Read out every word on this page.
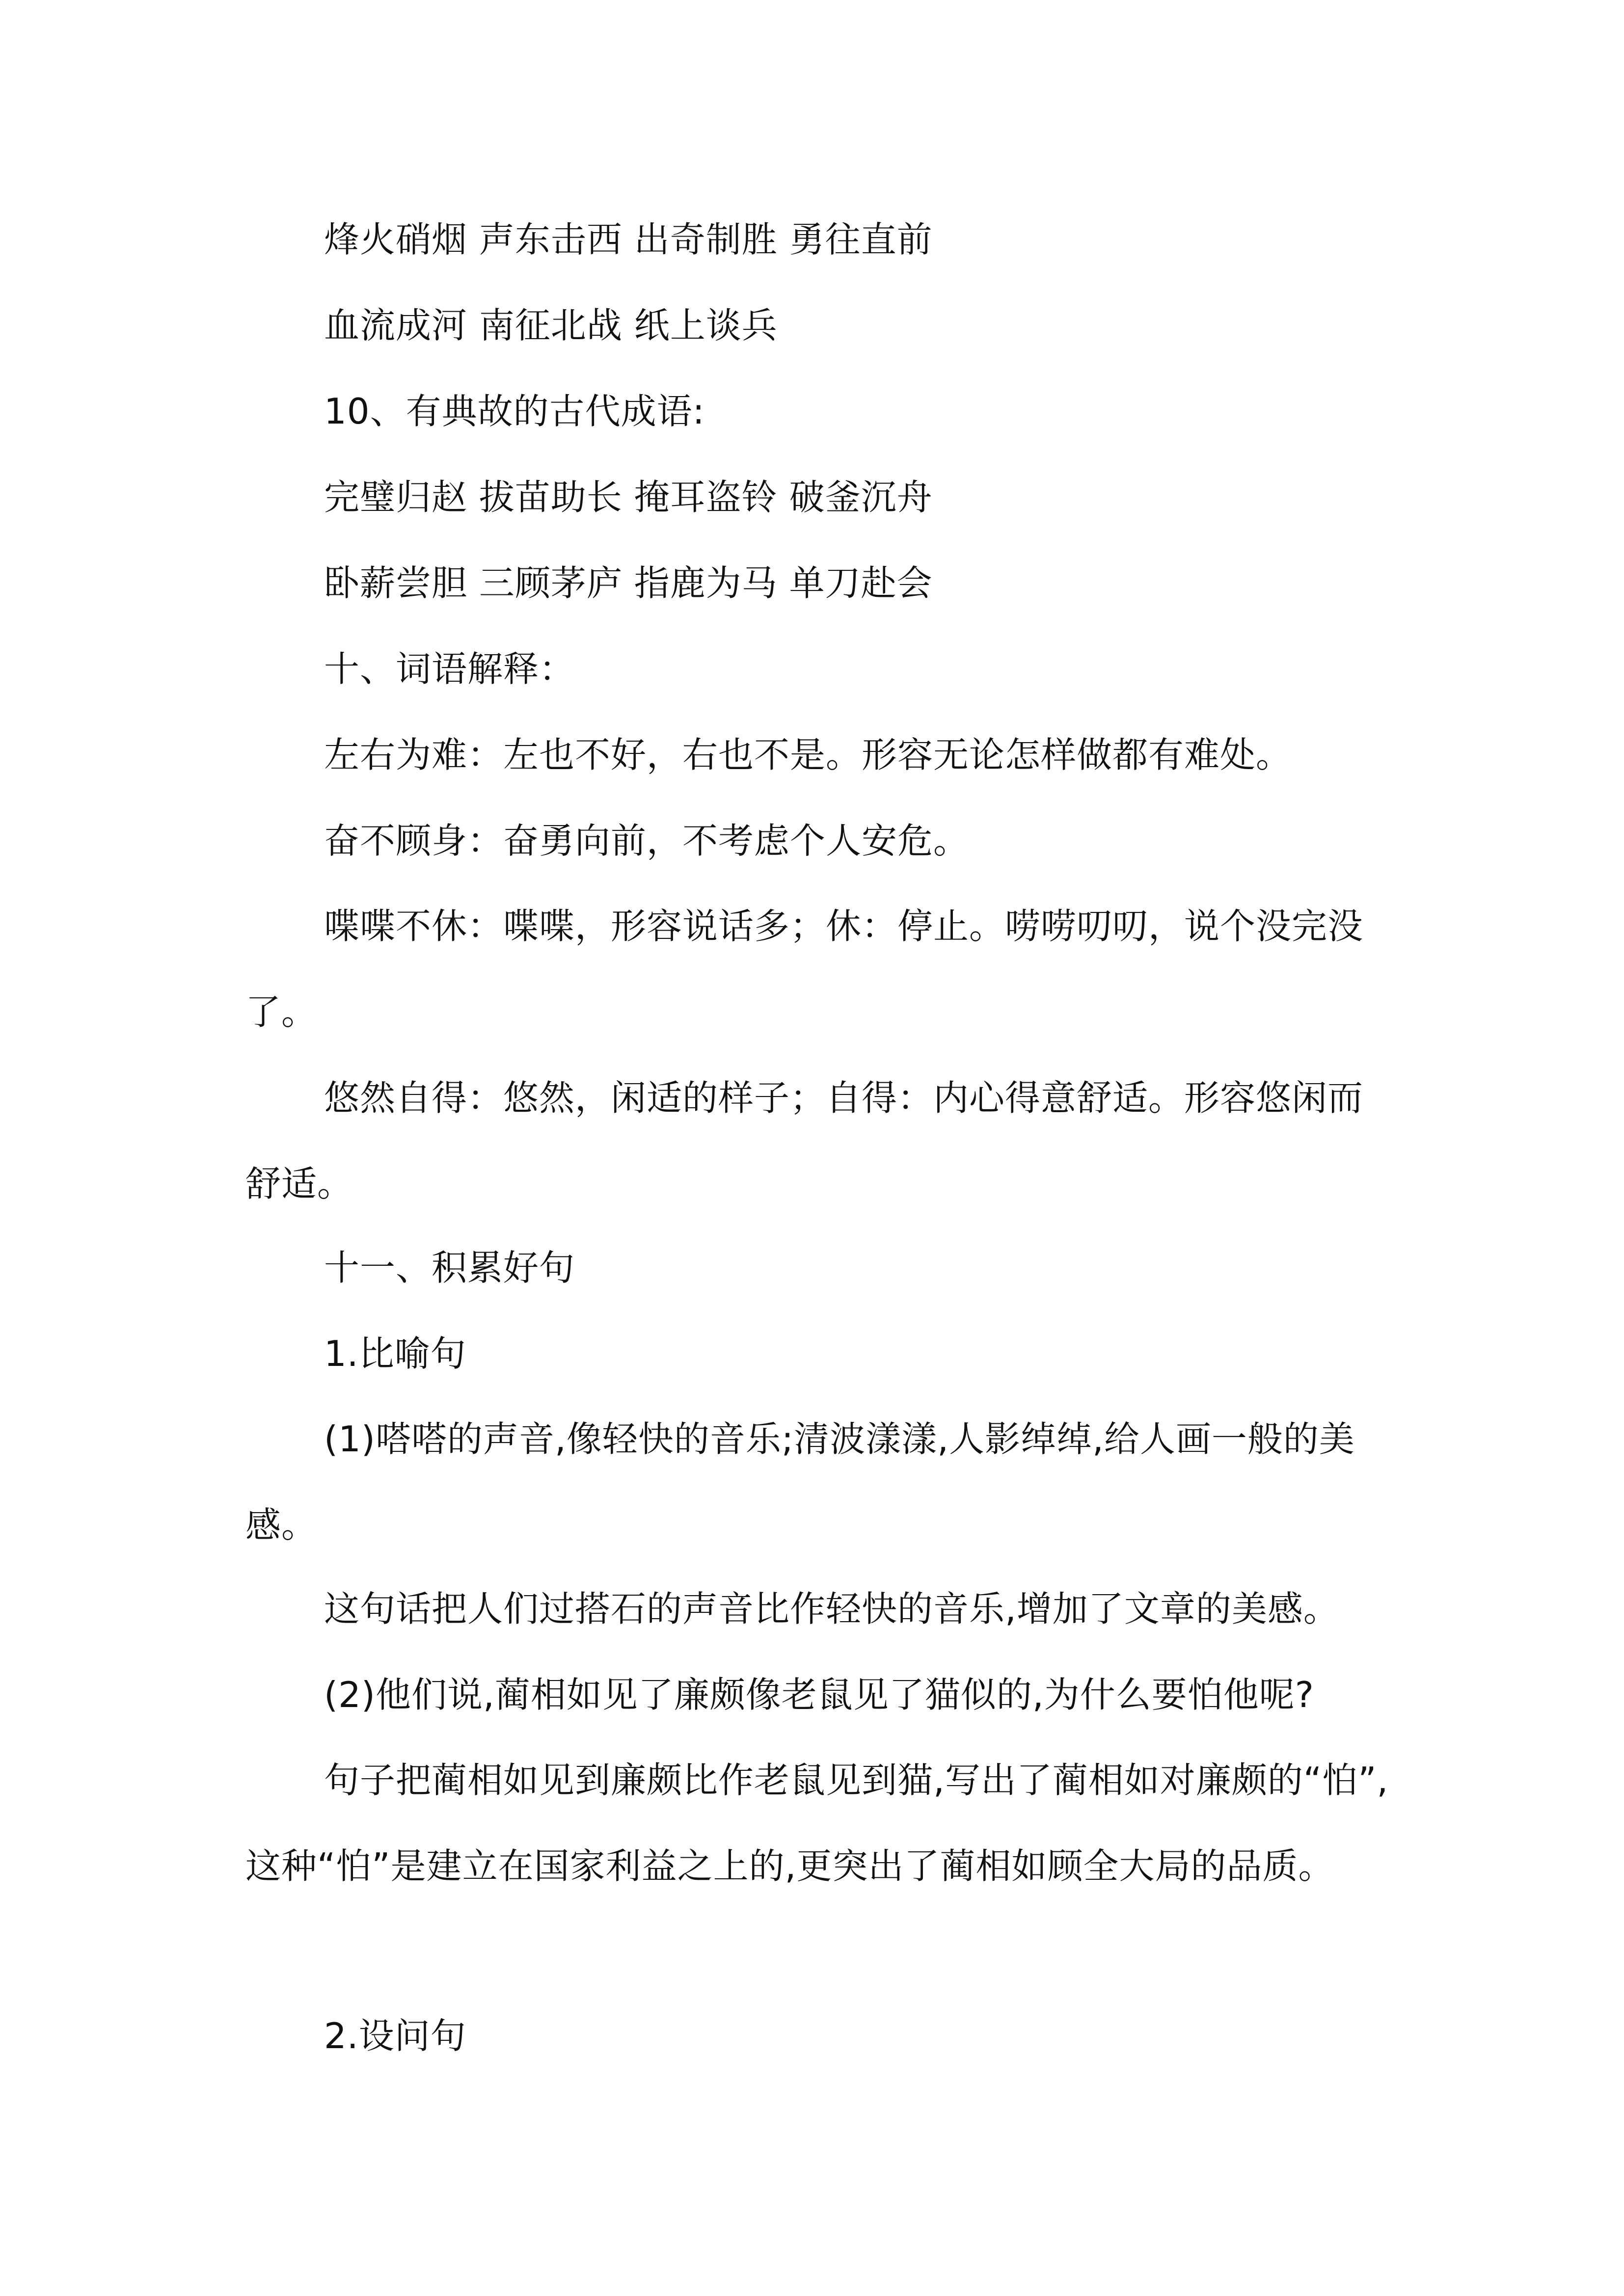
烽火硝烟 声东击西 出奇制胜 勇往直前
血流成河 南征北战 纸上谈兵
10、有典故的古代成语:
完璧归赵 拔苗助长 掩耳盗铃 破釜沉舟
卧薪尝胆 三顾茅庐 指鹿为马 单刀赴会
十、词语解释：
左右为难：左也不好，右也不是。形容无论怎样做都有难处。
奋不顾身：奋勇向前，不考虑个人安危。
喋喋不休：喋喋，形容说话多；休：停止。唠唠叨叨，说个没完没了。
悠然自得：悠然，闲适的样子；自得：内心得意舒适。形容悠闲而舒适。
十一、积累好句
1.比喻句
(1)嗒嗒的声音,像轻快的音乐;清波漾漾,人影绰绰,给人画一般的美感。
这句话把人们过搭石的声音比作轻快的音乐,增加了文章的美感。
(2)他们说,蔺相如见了廉颇像老鼠见了猫似的,为什么要怕他呢?
句子把蔺相如见到廉颇比作老鼠见到猫,写出了蔺相如对廉颇的“怕”,这种“怕”是建立在国家利益之上的,更突出了蔺相如顾全大局的品质。
2.设问句
